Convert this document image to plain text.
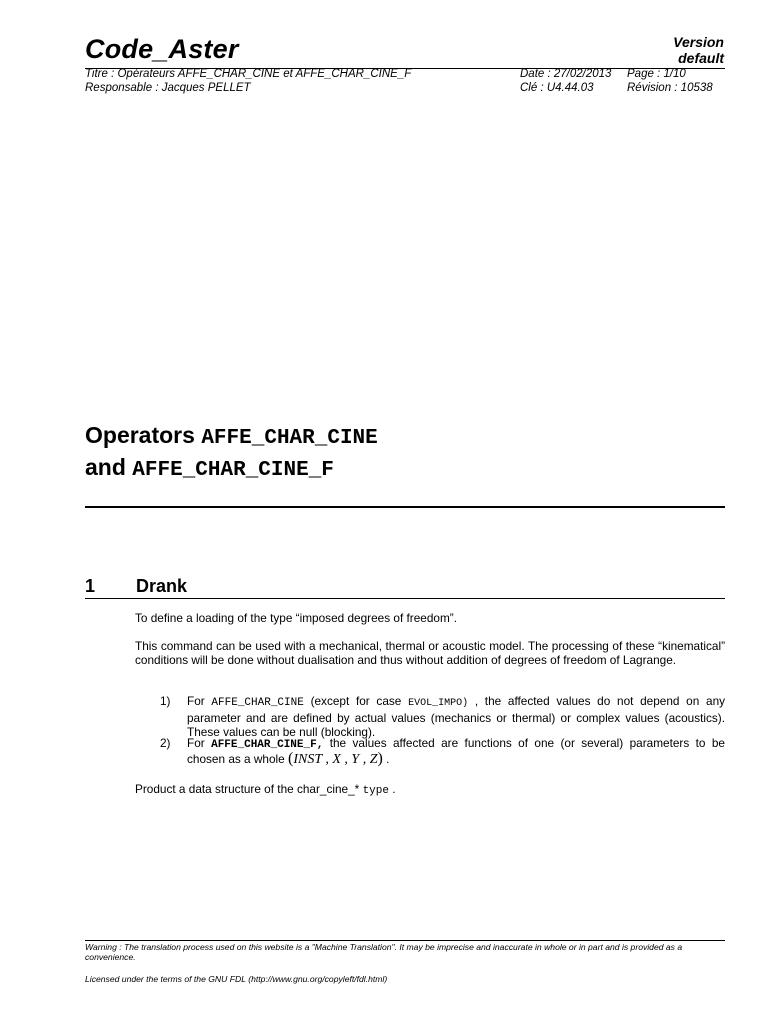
Code_Aster	Version
default
Titre : Opérateurs AFFE_CHAR_CINE et AFFE_CHAR_CINE_F	Date : 27/02/2013 Page : 1/10
Responsable : Jacques PELLET	Clé : U4.44.03	Révision : 10538
Operators AFFE_CHAR_CINE
and AFFE_CHAR_CINE_F
1 Drank
To define a loading of the type “imposed degrees of freedom”.
This command can be used with a mechanical, thermal or acoustic model. The processing of these “kinematical” conditions will be done without dualisation and thus without addition of degrees of freedom of Lagrange.
1) For AFFE_CHAR_CINE (except for case EVOL_IMPO) , the affected values do not depend on any parameter and are defined by actual values (mechanics or thermal) or complex values (acoustics). These values can be null (blocking).
2) For AFFE_CHAR_CINE_F, the values affected are functions of one (or several) parameters to be chosen as a whole (INST , X , Y , Z) .
Product a data structure of the char_cine_* type .
Warning : The translation process used on this website is a "Machine Translation". It may be imprecise and inaccurate in whole or in part and is provided as a convenience.
Licensed under the terms of the GNU FDL (http://www.gnu.org/copyleft/fdl.html)
